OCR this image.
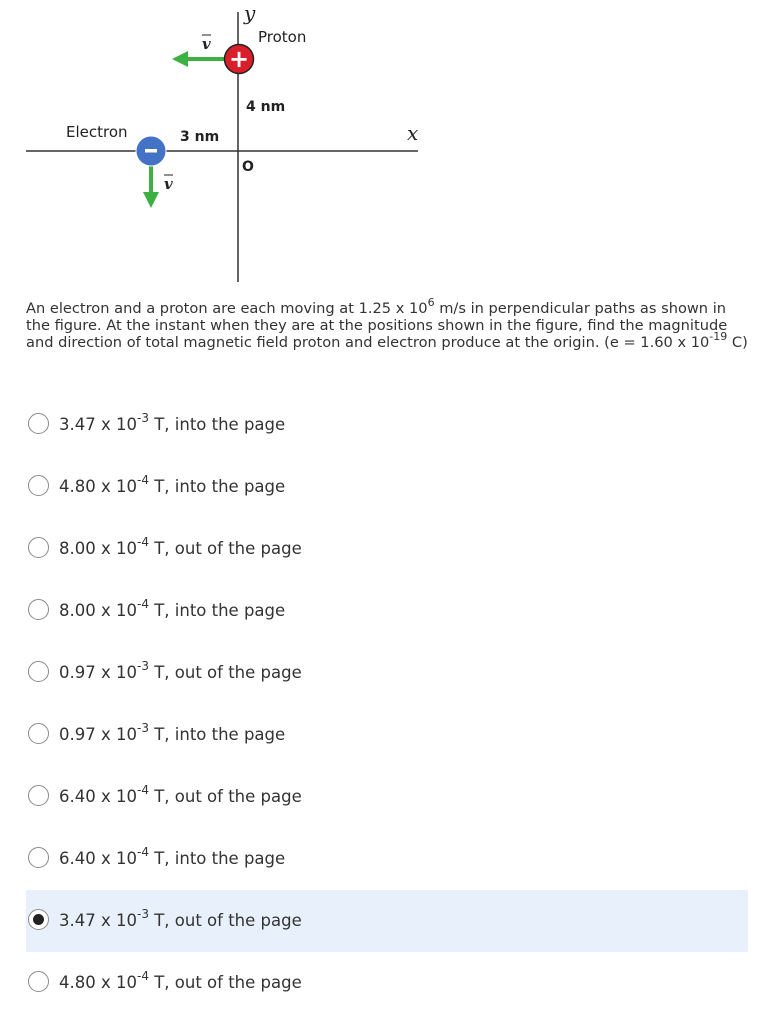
y
x
O
Proton
+
v
4 nm
Electron	3 nm
v
An electron and a proton are each moving at 1.25 x $10^6$ m/s in perpendicular paths as shown in the figure. At the instant when they are at the positions shown in the figure, find the magnitude and direction of total magnetic field proton and electron produce at the origin. (e = 1.60 x $10^{-19}$ C)
3.47 x $10^{-3}$ T, into the page
4.80 x $10^{-4}$ T, into the page
8.00 x $10^{-4}$ T, out of the page
8.00 x $10^{-4}$ T, into the page
0.97 x $10^{-3}$ T, out of the page
0.97 x $10^{-3}$ T, into the page
6.40 x $10^{-4}$ T, out of the page
6.40 x $10^{-4}$ T, into the page
3.47 x $10^{-3}$ T, out of the page
4.80 x $10^{-4}$ T, out of the page
